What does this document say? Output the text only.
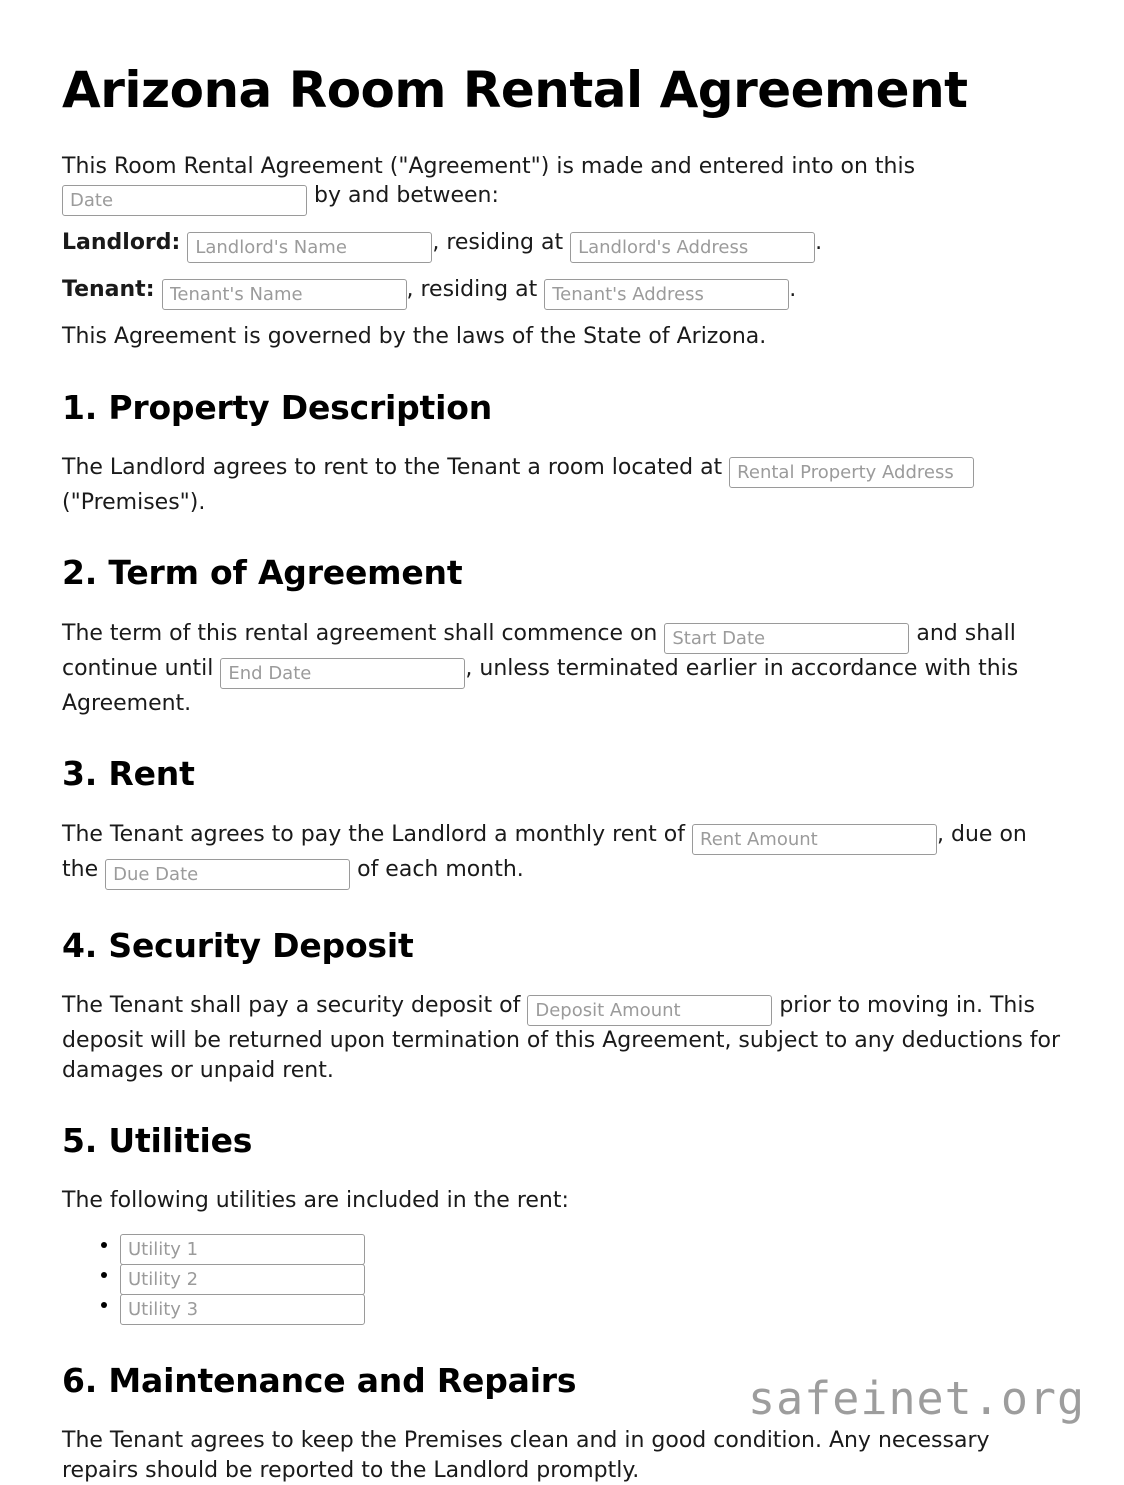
Arizona Room Rental Agreement

This Room Rental Agreement ("Agreement") is made and entered into on this
Date by and between:

Landlord: Landlord's Name	, residing at Landlord's Address	.

Tenant: Tenant's Name	, residing at Tenant's Address	.

This Agreement is governed by the laws of the State of Arizona.

1. Property Description

The Landlord agrees to rent to the Tenant a room located at Rental Property Address ("Premises").

2. Term of Agreement

The term of this rental agreement shall commence on Start Date	and shall continue until End Date	, unless terminated earlier in accordance with this Agreement.

3. Rent

The Tenant agrees to pay the Landlord a monthly rent of Rent Amount	, due on the Due Date	of each month.

4. Security Deposit

The Tenant shall pay a security deposit of Deposit Amount	prior to moving in. This deposit will be returned upon termination of this Agreement, subject to any deductions for damages or unpaid rent.

5. Utilities

The following utilities are included in the rent:

• Utility 1
• Utility 2
• Utility 3
6. Maintenance and Repairs

The Tenant agrees to keep the Premises clean and in good condition. Any necessary repairs should be reported to the Landlord promptly.

safeinet.org
